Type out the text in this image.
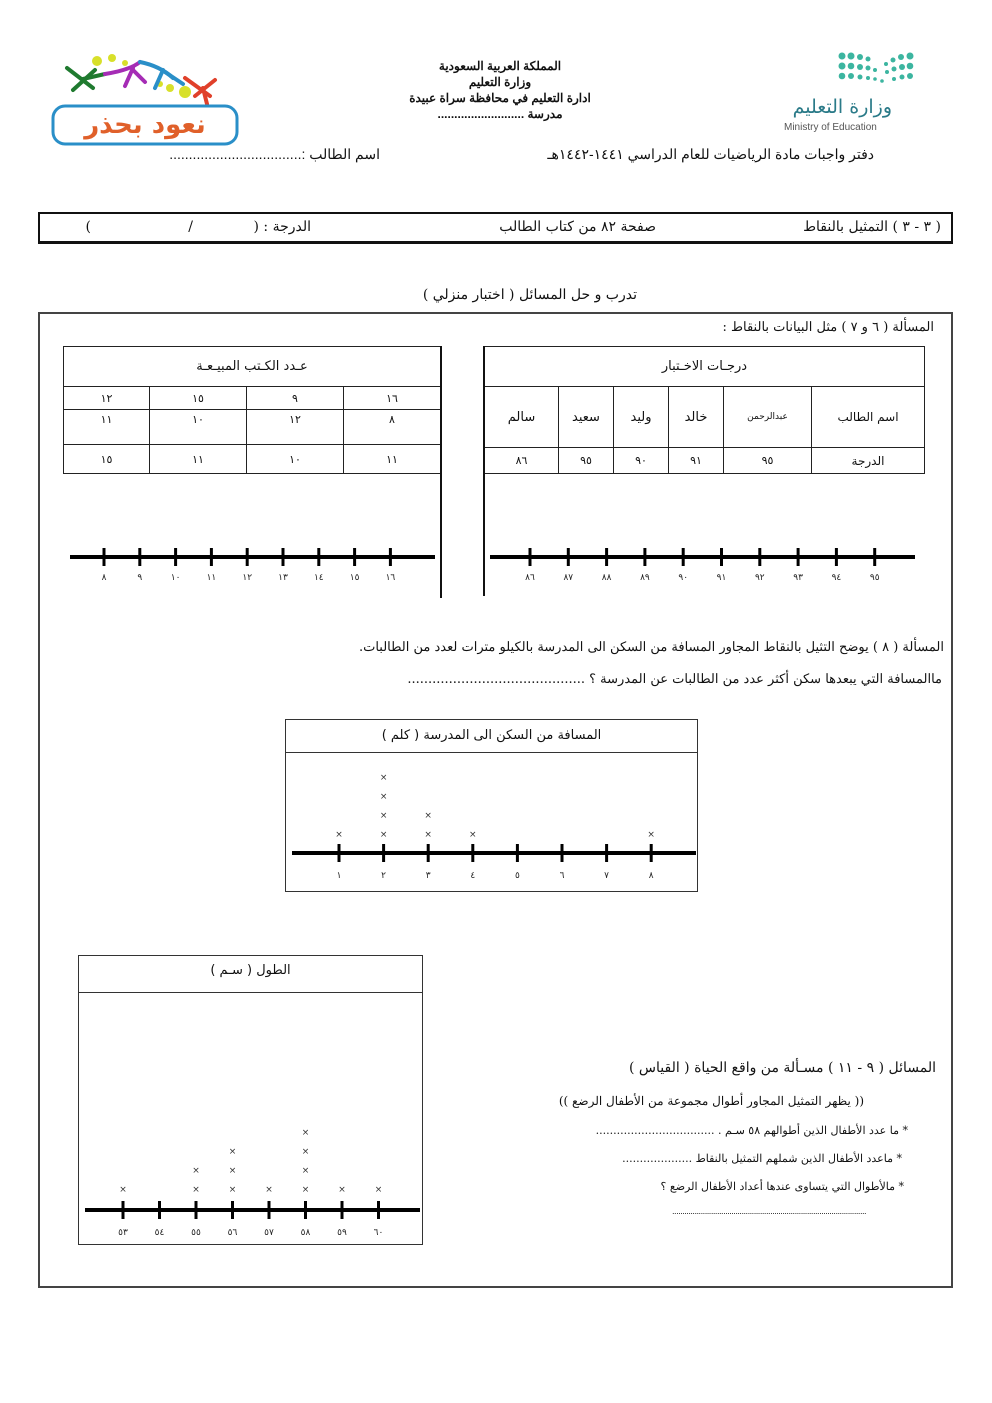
المملكة العربية السعودية
وزارة التعليم
ادارة التعليم في محافظة سراة عبيدة
مدرسة ..........................	وزارة التعليم
Ministry of Education
نعود بحذر
دفتر واجبات مادة الرياضيات للعام الدراسي ١٤٤١-١٤٤٢هـ
اسم الطالب :..................................
( ٣ - ٣ ) التمثيل بالنقاط
صفحة ٨٢ من كتاب الطالب
الدرجة : (
/
)
تدرب و حل المسائل ( اختبار منزلي )
المسألة ( ٦ و ٧ ) مثل البيانات بالنقاط :
درجـات الاخـتبار					
اسم الطالب	عبدالرحمن	خالد	وليد	سعيد	سالم
الدرجة	٩٥	٩١	٩٠	٩٥	٨٦
عـدد الكـتب المبيـعـة			
١٦	٩	١٥	١٢
٨	١٢	١٠	١١
١١	١٠	١١	١٥
٨	٩	١٠	١١	١٢	١٣	١٤	١٥	١٦	٨٦	٨٧	٨٨	٨٩	٩٠	٩١	٩٢	٩٣	٩٤	٩٥
المسألة ( ٨ ) يوضح التثيل بالنقاط المجاور المسافة من السكن الى المدرسة بالكيلو مترات لعدد من الطالبات.
ماالمسافة التي يبعدها سكن أكثر عدد من الطالبات عن المدرسة ؟ ...........................................
المسافة من السكن الى المدرسة ( كلم )
١
×
٢
×
×
×
×
٣
×
×
٤
×
٥	٦	٧	٨
×
المسائل ( ٩ - ١١ ) مسـألة من واقع الحياة ( القياس )
(( يظهر التمثيل المجاور أطوال مجموعة من الأطفال الرضع ))
* ما عدد الأطفال الذين أطوالهم ٥٨ سـم . ..................................
* ماعدد الأطفال الذين شملهم التمثيل بالنقاط ....................
* مالأطوال التي يتساوى عندها أعداد الأطفال الرضع ؟
...............................................................................................
الطول ( سـم )
٥٣
×
٥٤	٥٥
×
×
٥٦
×
×
×
٥٧
×
٥٨
×
×
×
×
٥٩
×
٦٠
×
